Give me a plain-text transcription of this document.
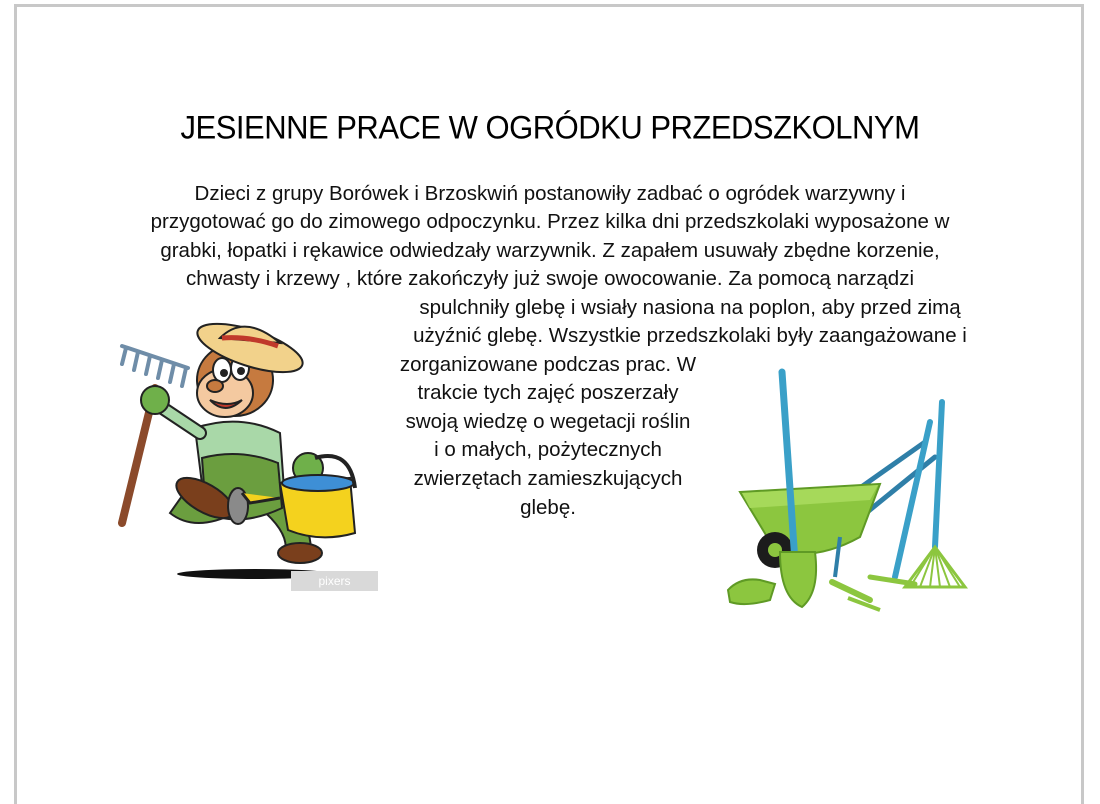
JESIENNE PRACE W OGRÓDKU PRZEDSZKOLNYM
Dzieci z grupy Borówek i Brzoskwiń postanowiły zadbać o ogródek warzywny i
przygotować go do zimowego odpoczynku. Przez kilka dni przedszkolaki wyposażone w
grabki, łopatki i rękawice odwiedzały warzywnik. Z zapałem usuwały zbędne korzenie,
chwasty i krzewy , które zakończyły już swoje owocowanie. Za pomocą narządzi
spulchniły glebę i wsiały nasiona na poplon, aby przed zimą
użyźnić glebę. Wszystkie przedszkolaki były zaangażowane i
zorganizowane podczas prac. W
trakcie tych zajęć poszerzały
swoją wiedzę o wegetacji roślin
i o małych, pożytecznych
zwierzętach zamieszkujących
glebę.
pixers
